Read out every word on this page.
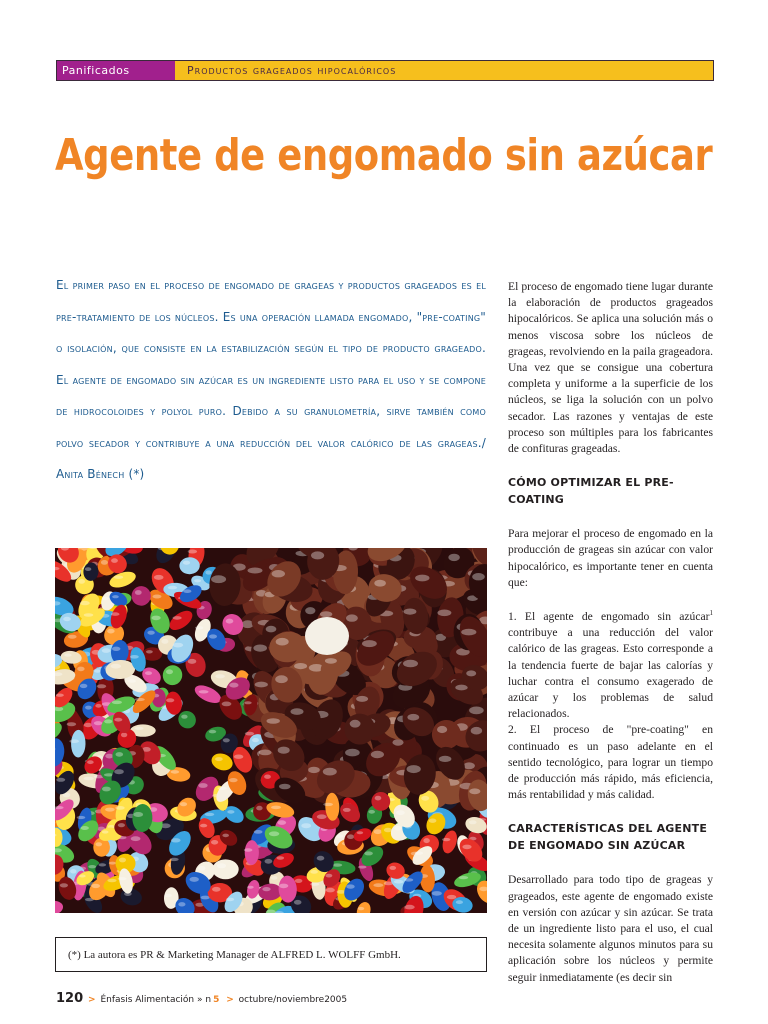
Panificados	Productos grageados hipocalóricos
Agente de engomado sin azúcar

El primer paso en el proceso de engomado de grageas y productos grageados es el pre-tratamiento de los núcleos. Es una operación llamada engomado, "pre-coating" o isolación, que consiste en la estabilización según el tipo de producto grageado. El agente de engomado sin azúcar es un ingrediente listo para el uso y se compone de hidrocoloides y polyol puro. Debido a su granulometría, sirve también como polvo secador y contribuye a una reducción del valor calórico de las grageas./ Anita Bénech (*)

(*) La autora es PR & Marketing Manager de ALFRED L. WOLFF GmbH.

El proceso de engomado tiene lugar durante la elaboración de productos grageados hipocalóricos. Se aplica una solución más o menos viscosa sobre los núcleos de grageas, revolviendo en la paila grageadora. Una vez que se consigue una cobertura completa y uniforme a la superficie de los núcleos, se liga la solución con un polvo secador. Las razones y ventajas de este proceso son múltiples para los fabricantes de confituras grageadas.

CÓMO OPTIMIZAR EL PRE-COATING

Para mejorar el proceso de engomado en la producción de grageas sin azúcar con valor hipocalórico, es importante tener en cuenta que:

1. El agente de engomado sin azúcar$^1$ contribuye a una reducción del valor calórico de las grageas. Esto corresponde a la tendencia fuerte de bajar las calorías y luchar contra el consumo exagerado de azúcar y los problemas de salud relacionados.

2. El proceso de "pre-coating" en continuado es un paso adelante en el sentido tecnológico, para lograr un tiempo de producción más rápido, más eficiencia, más rentabilidad y más calidad.

CARACTERÍSTICAS DEL AGENTE DE ENGOMADO SIN AZÚCAR

Desarrollado para todo tipo de grageas y grageados, este agente de engomado existe en versión con azúcar y sin azúcar. Se trata de un ingrediente listo para el uso, el cual necesita solamente algunos minutos para su aplicación sobre los núcleos y permite seguir inmediatamente (es decir sin

120 > Énfasis Alimentación » n 5 > octubre/noviembre2005
